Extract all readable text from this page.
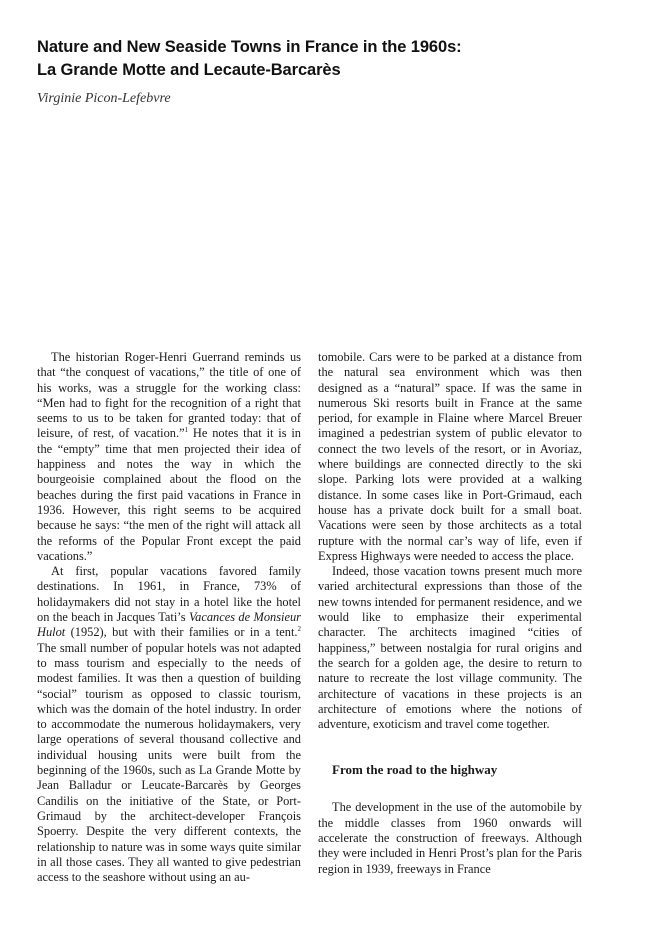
Nature and New Seaside Towns in France in the 1960s:
La Grande Motte and Lecaute-Barcarès

Virginie Picon-Lefebvre

The historian Roger-Henri Guerrand reminds us that “the conquest of vacations,” the title of one of his works, was a struggle for the working class: “Men had to fight for the recognition of a right that seems to us to be taken for granted today: that of leisure, of rest, of vacation.”$^1$ He notes that it is in the “empty” time that men projected their idea of happiness and notes the way in which the bourgeoisie complained about the flood on the beaches during the first paid vacations in France in 1936. However, this right seems to be acquired because he says: “the men of the right will attack all the reforms of the Popular Front except the paid vacations.”

At first, popular vacations favored family destinations. In 1961, in France, 73% of holidaymakers did not stay in a hotel like the hotel on the beach in Jacques Tati’s Vacances de Monsieur Hulot (1952), but with their families or in a tent.$^2$ The small number of popular hotels was not adapted to mass tourism and especially to the needs of modest families. It was then a question of building “social” tourism as opposed to classic tourism, which was the domain of the hotel industry. In order to accommodate the numerous holidaymakers, very large operations of several thousand collective and individual housing units were built from the beginning of the 1960s, such as La Grande Motte by Jean Balladur or Leucate-Barcarès by Georges Candilis on the initiative of the State, or Port-Grimaud by the architect-developer François Spoerry. Despite the very different contexts, the relationship to nature was in some ways quite similar in all those cases. They all wanted to give pedestrian access to the seashore without using an au-

tomobile. Cars were to be parked at a distance from the natural sea environment which was then designed as a “natural” space. If was the same in numerous Ski resorts built in France at the same period, for example in Flaine where Marcel Breuer imagined a pedestrian system of public elevator to connect the two levels of the resort, or in Avoriaz, where buildings are connected directly to the ski slope. Parking lots were provided at a walking distance. In some cases like in Port-Grimaud, each house has a private dock built for a small boat. Vacations were seen by those architects as a total rupture with the normal car’s way of life, even if Express Highways were needed to access the place.

Indeed, those vacation towns present much more varied architectural expressions than those of the new towns intended for permanent residence, and we would like to emphasize their experimental character. The architects imagined “cities of happiness,” between nostalgia for rural origins and the search for a golden age, the desire to return to nature to recreate the lost village community. The architecture of vacations in these projects is an architecture of emotions where the notions of adventure, exoticism and travel come together.

From the road to the highway

The development in the use of the automobile by the middle classes from 1960 onwards will accelerate the construction of freeways. Although they were included in Henri Prost’s plan for the Paris region in 1939, freeways in France
